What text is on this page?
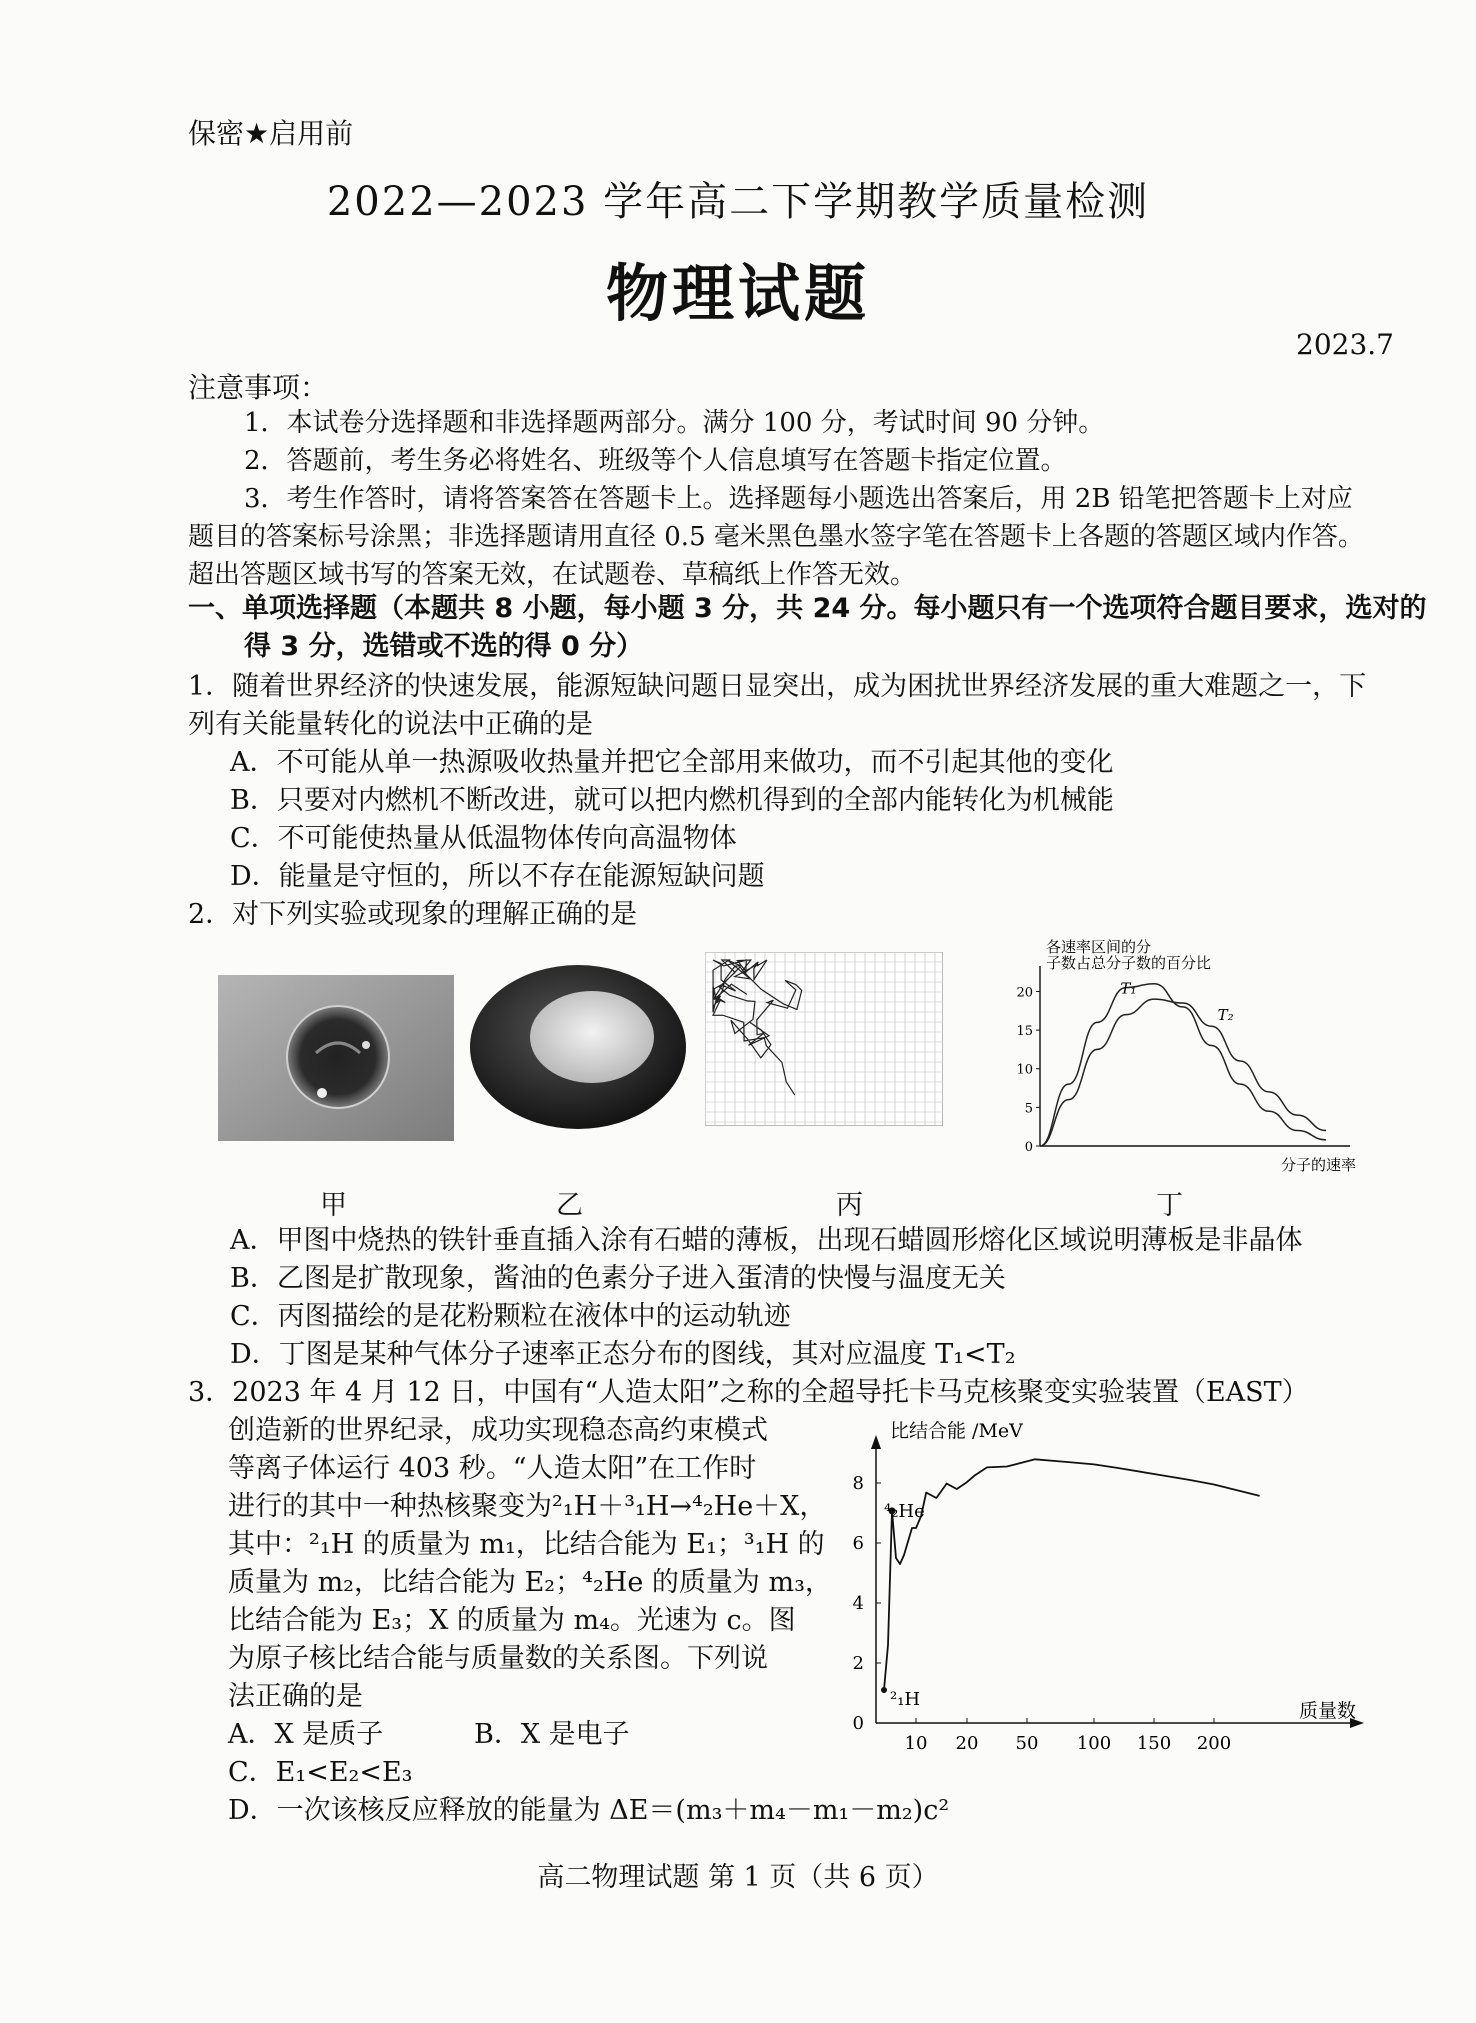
保密★启用前
2022—2023 学年高二下学期教学质量检测
物理试题
2023.7
注意事项：
1．本试卷分选择题和非选择题两部分。满分 100 分，考试时间 90 分钟。
2．答题前，考生务必将姓名、班级等个人信息填写在答题卡指定位置。
3．考生作答时，请将答案答在答题卡上。选择题每小题选出答案后，用 2B 铅笔把答题卡上对应题目的答案标号涂黑；非选择题请用直径 0.5 毫米黑色墨水签字笔在答题卡上各题的答题区域内作答。超出答题区域书写的答案无效，在试题卷、草稿纸上作答无效。
一、单项选择题（本题共 8 小题，每小题 3 分，共 24 分。每小题只有一个选项符合题目要求，选对的得 3 分，选错或不选的得 0 分）
1．随着世界经济的快速发展，能源短缺问题日显突出，成为困扰世界经济发展的重大难题之一，下列有关能量转化的说法中正确的是
A．不可能从单一热源吸收热量并把它全部用来做功，而不引起其他的变化
B．只要对内燃机不断改进，就可以把内燃机得到的全部内能转化为机械能
C．不可能使热量从低温物体传向高温物体
D．能量是守恒的，所以不存在能源短缺问题
2．对下列实验或现象的理解正确的是
各速率区间的分
子数占总分子数的百分比
0
5
10
15
20	T₁
T₂
分子的速率
甲	乙	丙	丁
A．甲图中烧热的铁针垂直插入涂有石蜡的薄板，出现石蜡圆形熔化区域说明薄板是非晶体
B．乙图是扩散现象，酱油的色素分子进入蛋清的快慢与温度无关
C．丙图描绘的是花粉颗粒在液体中的运动轨迹
D．丁图是某种气体分子速率正态分布的图线，其对应温度 T₁<T₂
3．2023 年 4 月 12 日，中国有“人造太阳”之称的全超导托卡马克核聚变实验装置（EAST）
创造新的世界纪录，成功实现稳态高约束模式
等离子体运行 403 秒。“人造太阳”在工作时
进行的其中一种热核聚变为²₁H＋³₁H→⁴₂He＋X，
其中：²₁H 的质量为 m₁，比结合能为 E₁；³₁H 的
质量为 m₂，比结合能为 E₂；⁴₂He 的质量为 m₃，
比结合能为 E₃；X 的质量为 m₄。光速为 c。图
为原子核比结合能与质量数的关系图。下列说
法正确的是
A．X 是质子	B．X 是电子
C．E₁<E₂<E₃
D．一次该核反应释放的能量为 ΔE＝(m₃＋m₄－m₁－m₂)c²
比结合能 /MeV
质量数
0
2
4
6
8
10 20 50 100 150 200
⁴₂He
²₁H
高二物理试题 第 1 页（共 6 页）
